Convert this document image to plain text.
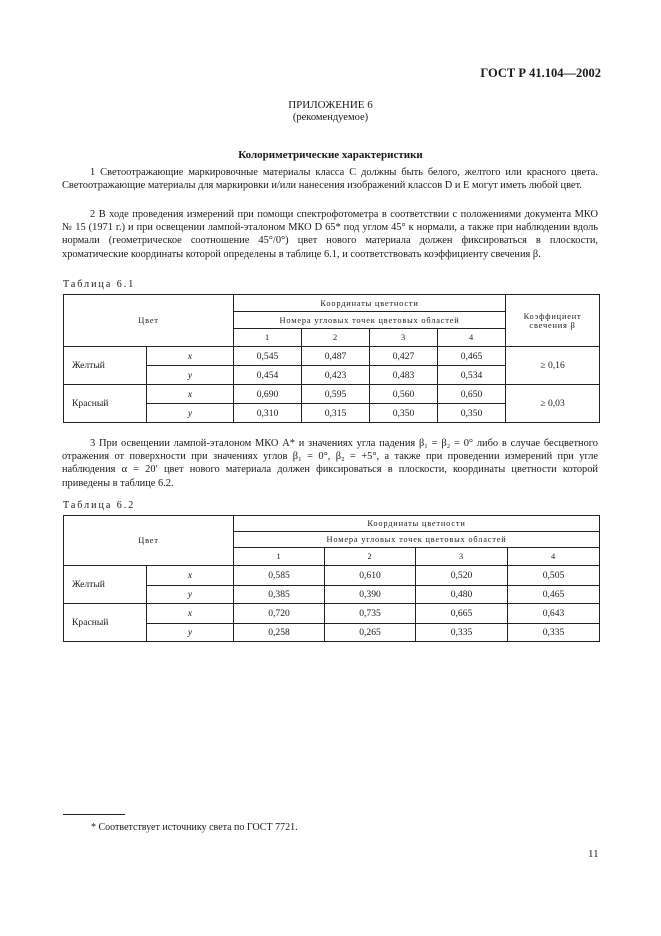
ГОСТ Р 41.104—2002
ПРИЛОЖЕНИЕ 6
(рекомендуемое)
Колориметрические характеристики
1 Светоотражающие маркировочные материалы класса С должны быть белого, желтого или красного цвета. Светоотражающие материалы для маркировки и/или нанесения изображений классов D и Е могут иметь любой цвет.
2 В ходе проведения измерений при помощи спектрофотометра в соответствии с положениями документа МКО № 15 (1971 г.) и при освещении лампой-эталоном МКО D 65* под углом 45° к нормали, а также при наблюдении вдоль нормали (геометрическое соотношение 45°/0°) цвет нового материала должен фиксироваться в плоскости, хроматические координаты которой определены в таблице 6.1, и соответствовать коэффициенту свечения β.
Таблица 6.1
Цвет		Координаты цветности				Коэффициент свечения β
		Номера угловых точек цветовых областей				
		1	2	3	4	
Желтый	x	0,545	0,487	0,427	0,465	≥ 0,16
	y	0,454	0,423	0,483	0,534	
Красный	x	0,690	0,595	0,560	0,650	≥ 0,03
	y	0,310	0,315	0,350	0,350	
3 При освещении лампой-эталоном МКО А* и значениях угла падения β₁ = β₂ = 0° либо в случае бесцветного отражения от поверхности при значениях углов β₁ = 0°, β₂ = +5°, а также при проведении измерений при угле наблюдения α = 20′ цвет нового материала должен фиксироваться в плоскости, координаты цветности которой приведены в таблице 6.2.
Таблица 6.2
Цвет		Координаты цветности			
		Номера угловых точек цветовых областей			
		1	2	3	4
Желтый	x	0,585	0,610	0,520	0,505
	y	0,385	0,390	0,480	0,465
Красный	x	0,720	0,735	0,665	0,643
	y	0,258	0,265	0,335	0,335
* Соответствует источнику света по ГОСТ 7721.
11
